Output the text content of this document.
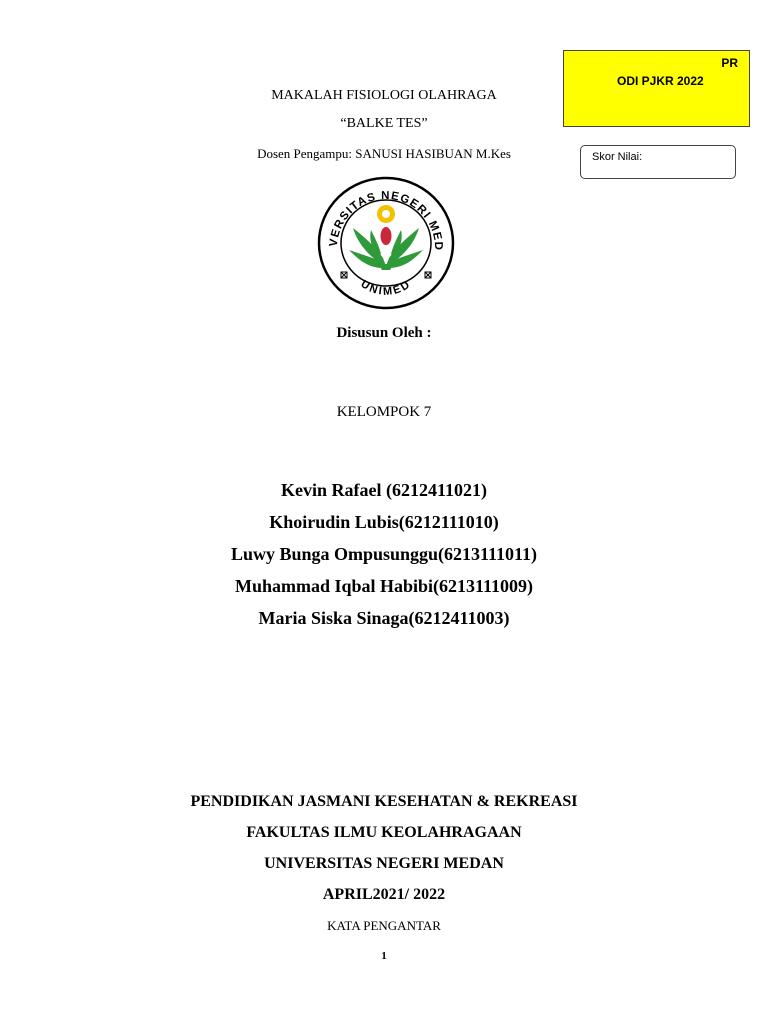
PR
ODI PJKR 2022
Skor Nilai:
MAKALAH FISIOLOGI OLAHRAGA
“BALKE TES”
Dosen Pengampu: SANUSI HASIBUAN M.Kes
VERSITAS NEGERI MED
UNIMED
Disusun Oleh :
KELOMPOK 7
Kevin Rafael (6212411021)
Khoirudin Lubis(6212111010)
Luwy Bunga Ompusunggu(6213111011)
Muhammad Iqbal Habibi(6213111009)
Maria Siska Sinaga(6212411003)
PENDIDIKAN JASMANI KESEHATAN & REKREASI
FAKULTAS ILMU KEOLAHRAGAAN
UNIVERSITAS NEGERI MEDAN
APRIL2021/ 2022
KATA PENGANTAR
1
